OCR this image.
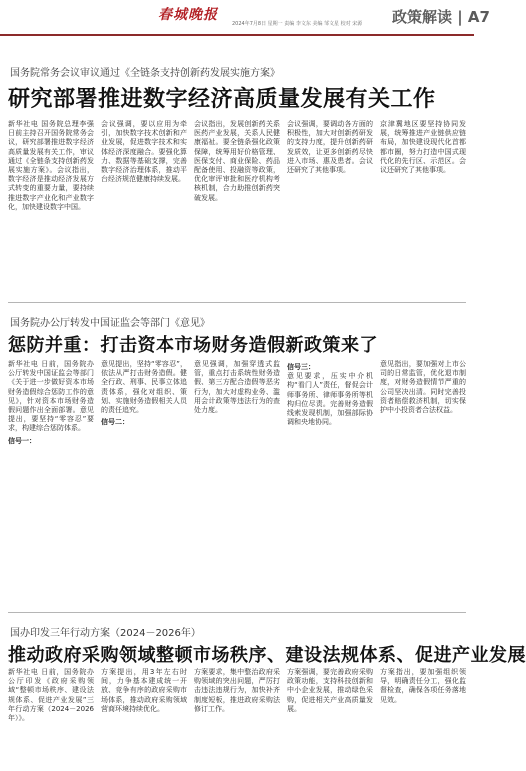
春城晚报
2024年7月8日 星期一 责编 李文东 美编 邹文星 校对 宋源	政策解读 | A7
国务院常务会议审议通过《全链条支持创新药发展实施方案》
研究部署推进数字经济高质量发展有关工作
新华社电 国务院总理李强日前主持召开国务院常务会议，研究部署推进数字经济高质量发展有关工作，审议通过《全链条支持创新药发展实施方案》。会议指出，数字经济是推动经济发展方式转变的重要力量，要持续推进数字产业化和产业数字化，加快建设数字中国。
会议强调，要以应用为牵引，加快数字技术创新和产业发展，促进数字技术和实体经济深度融合。要强化算力、数据等基础支撑，完善数字经济治理体系，推动平台经济规范健康持续发展。
会议指出，发展创新药关系医药产业发展，关系人民健康福祉。要全链条强化政策保障，统筹用好价格管理、医保支付、商业保险、药品配备使用、投融资等政策，优化审评审批和医疗机构考核机制，合力助推创新药突破发展。
会议强调，要调动各方面的积极性，加大对创新药研发的支持力度，提升创新药研发质效，让更多创新药尽快进入市场、惠及患者。会议还研究了其他事项。
京津冀地区要坚持协同发展，统筹推进产业链供应链布局，加快建设现代化首都都市圈，努力打造中国式现代化的先行区、示范区。会议还研究了其他事项。
国务院办公厅转发中国证监会等部门《意见》
惩防并重：打击资本市场财务造假新政策来了
新华社电 日前，国务院办公厅转发中国证监会等部门《关于进一步做好资本市场财务造假综合惩防工作的意见》，针对资本市场财务造假问题作出全面部署。意见提出，要坚持“零容忍”要求，构建综合惩防体系。
信号一：
意见提出，坚持“零容忍”，依法从严打击财务造假。健全行政、刑事、民事立体追责体系，强化对组织、策划、实施财务造假相关人员的责任追究。
信号二：
意见强调，加强穿透式监管，重点打击系统性财务造假、第三方配合造假等恶劣行为，加大对虚构业务、滥用会计政策等违法行为的查处力度。
信号三：
意见要求，压实中介机构“看门人”责任，督促会计师事务所、律师事务所等机构归位尽责。完善财务造假线索发现机制，加强部际协调和央地协同。
意见指出，要加强对上市公司的日常监管，优化退市制度，对财务造假情节严重的公司坚决出清。同时完善投资者赔偿救济机制，切实保护中小投资者合法权益。
国办印发三年行动方案（2024－2026年）
推动政府采购领域整顿市场秩序、建设法规体系、促进产业发展
新华社电 日前，国务院办公厅印发《政府采购领域“整顿市场秩序、建设法规体系、促进产业发展”三年行动方案（2024－2026年）》。
方案提出，用3年左右时间，力争基本建成统一开放、竞争有序的政府采购市场体系，推动政府采购领域营商环境持续优化。
方案要求，集中整治政府采购领域的突出问题，严厉打击违法违规行为，加快补齐制度短板，推进政府采购法修订工作。
方案强调，要完善政府采购政策功能，支持科技创新和中小企业发展，推动绿色采购，促进相关产业高质量发展。
方案指出，要加强组织领导，明确责任分工，强化监督检查，确保各项任务落地见效。
